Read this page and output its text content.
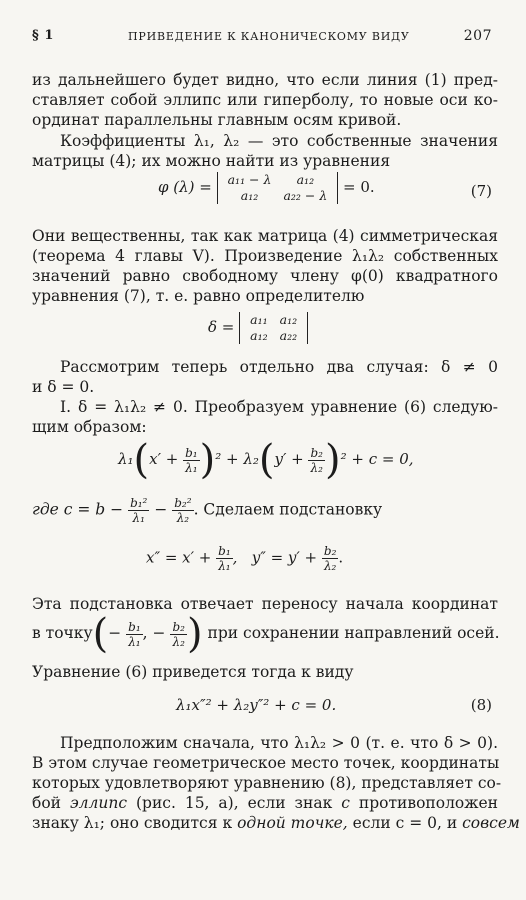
§ 1	ПРИВЕДЕНИЕ К КАНОНИЧЕСКОМУ ВИДУ	207
из дальнейшего будет видно, что если линия (1) пред-
ставляет собой эллипс или гиперболу, то новые оси ко-
ординат параллельны главным осям кривой.
Коэффициенты λ₁, λ₂ — это собственные значения
матрицы (4); их можно найти из уравнения
φ (λ) = a₁₁ − λ	a₁₂
a₁₂	a₂₂ − λ = 0.	(7)
Они вещественны, так как матрица (4) симметрическая
(теорема 4 главы V). Произведение λ₁λ₂ собственных
значений равно свободному члену φ(0) квадратного
уравнения (7), т. е. равно определителю
δ = a₁₁	a₁₂
a₁₂	a₂₂
Рассмотрим теперь отдельно два случая: δ ≠ 0
и δ = 0.
I. δ = λ₁λ₂ ≠ 0. Преобразуем уравнение (6) следую-
щим образом:
$\lambda_1(x' + \frac{\text{b₁}}{\text{λ₁}} )^2 + \lambda_2(y' + \frac{\text{b₂}}{\text{λ₂}} )^2 + c = 0$,
где $c = b - \frac{\text{b₁²}}{\text{λ₁}} - \frac{\text{b₂²}}{\text{λ₂}}$ . Сделаем подстановку
$x'' = x' + \frac{\text{b₁}}{\text{λ₁}}$ ,   $y'' = y' + \frac{\text{b₂}}{\text{λ₂}}$ .
Эта подстановка отвечает переносу начала координат
в точку(− $\frac{\text{b₁}}{\text{λ₁}}$ , − $\frac{\text{b₂}}{\text{λ₂}}$ ) при сохранении направлений осей.
Уравнение (6) приведется тогда к виду
λ₁x″² + λ₂y″² + c = 0.	(8)
Предположим сначала, что λ₁λ₂ > 0 (т. е. что δ > 0).
В этом случае геометрическое место точек, координаты
которых удовлетворяют уравнению (8), представляет со-
бой эллипс (рис. 15, а), если знак c противоположен
знаку λ₁; оно сводится к одной точке, если c = 0, и совсем
